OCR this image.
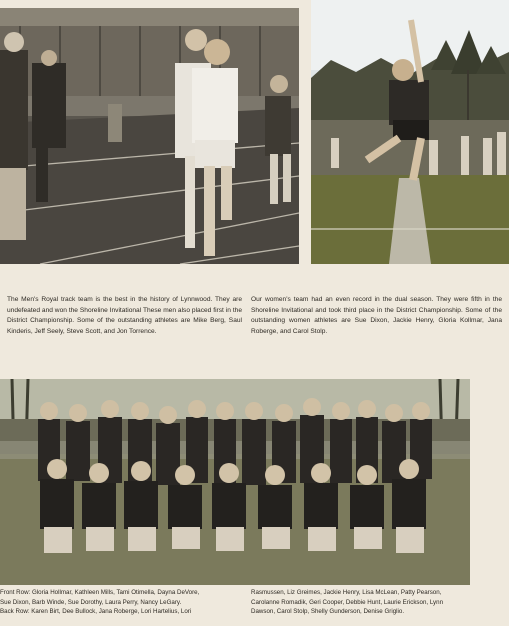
The Men's Royal track team is the best in the history of Lynnwood. They are undefeated and won the Shoreline Invitational These men also placed first in the District Championship. Some of the outstanding athletes are Mike Berg, Saul Kinderis, Jeff Seely, Steve Scott, and Jon Torrence.
Our women's team had an even record in the dual season. They were fifth in the Shoreline Invitational and took third place in the District Championship. Some of the outstanding women athletes are Sue Dixon, Jackie Henry, Gloria Kollmar, Jana Roberge, and Carol Stolp.
Front Row: Gloria Hollmar, Kathleen Mills, Tami Otimella, Dayna DeVore,
Sue Dixon, Barb Winde, Sue Dorothy, Laura Perry, Nancy LeGary.
Back Row: Karen Birt, Dee Bullock, Jana Roberge, Lori Hartelius, Lori
Rasmussen, Liz Greimes, Jackie Henry, Lisa McLean, Patty Pearson,
Carolanne Romadik, Geri Cooper, Debbie Hunt, Laurie Erickson, Lynn
Dawson, Carol Stolp, Shelly Gunderson, Denise Griglio.
